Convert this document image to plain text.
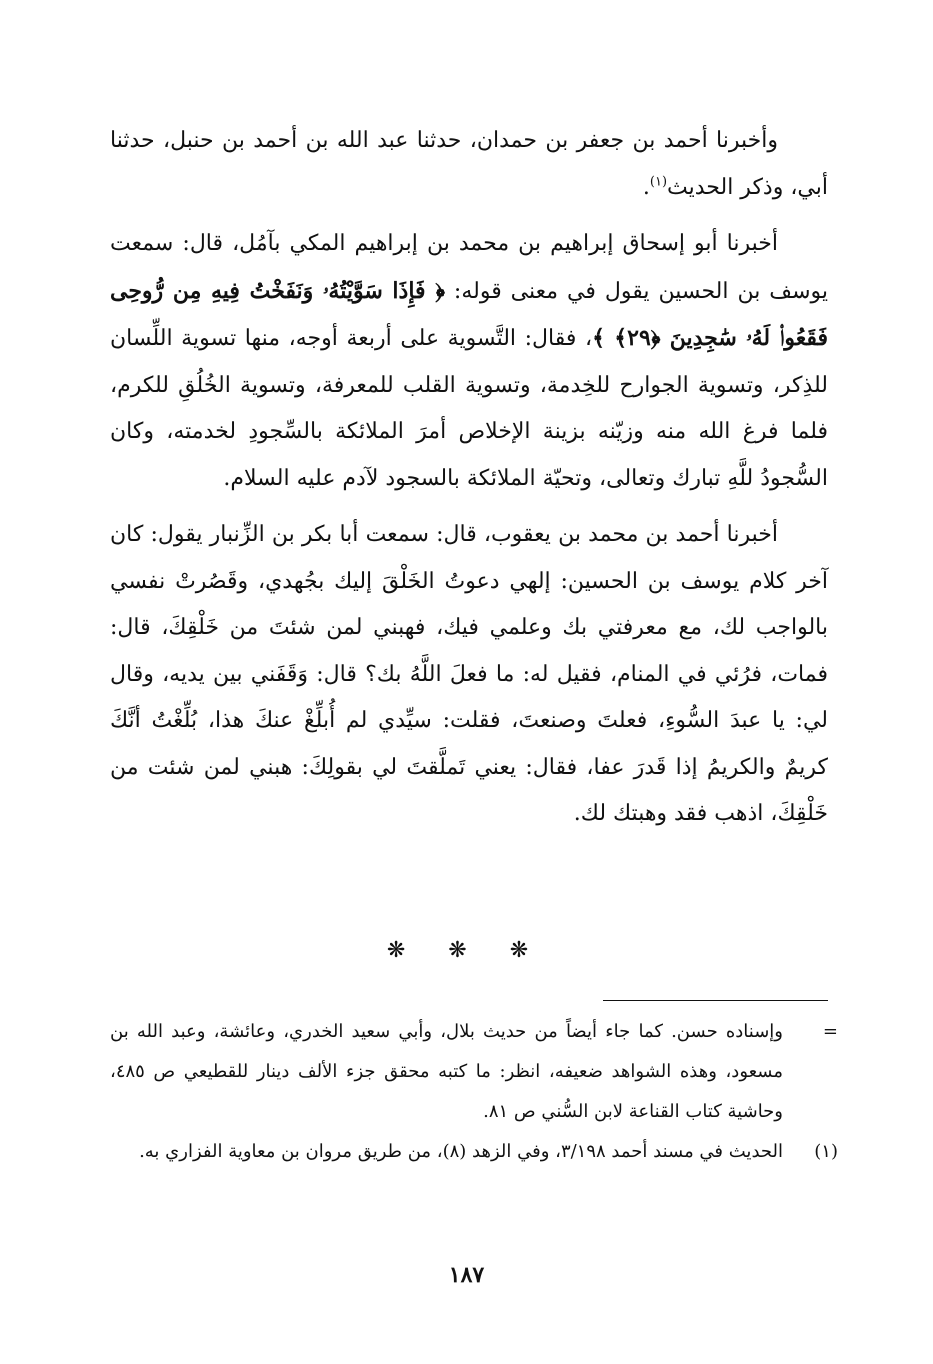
وأخبرنا أحمد بن جعفر بن حمدان، حدثنا عبد الله بن أحمد بن حنبل، حدثنا أبي، وذكر الحديث$^{(١)}$.

أخبرنا أبو إسحاق إبراهيم بن محمد بن إبراهيم المكي بآمُل، قال: سمعت يوسف بن الحسين يقول في معنى قوله: ﴿ فَإِذَا سَوَّيْتُهُۥ وَنَفَخْتُ فِيهِ مِن رُّوحِى فَقَعُوا۟ لَهُۥ سَٰجِدِينَ ﴿٢٩﴾ ﴾، فقال: التَّسوية على أربعة أوجه، منها تسوية اللِّسان للذِكر، وتسوية الجوارح للخِدمة، وتسوية القلب للمعرفة، وتسوية الخُلُقِ للكرم، فلما فرغ الله منه وزيّنه بزينة الإخلاص أمرَ الملائكة بالسِّجودِ لخدمته، وكان السُّجودُ للَّهِ تبارك وتعالى، وتحيّة الملائكة بالسجود لآدم عليه السلام.

أخبرنا أحمد بن محمد بن يعقوب، قال: سمعت أبا بكر بن الزِّنبار يقول: كان آخر كلام يوسف بن الحسين: إلهي دعوتُ الخَلْقَ إليك بجُهدي، وقَصُرتْ نفسي بالواجب لك، مع معرفتي بك وعلمي فيك، فهبني لمن شئتَ من خَلْقِكَ، قال: فمات، فرُئي في المنام، فقيل له: ما فعلَ اللَّهُ بك؟ قال: وَقَفَني بين يديه، وقال لي: يا عبدَ السُّوءِ، فعلتَ وصنعتَ، فقلت: سيِّدي لم أُبلِّغْ عنكَ هذا، بُلِّغْتُ أنَّكَ كريمٌ والكريمُ إذا قَدرَ عفا، فقال: يعني تَملَّقتَ لي بقولِكَ: هبني لمن شئت من خَلْقِكَ، اذهب فقد وهبتك لك.

❋ ❋ ❋
=
وإسناده حسن. كما جاء أيضاً من حديث بلال، وأبي سعيد الخدري، وعائشة، وعبد الله بن مسعود، وهذه الشواهد ضعيفه، انظر: ما كتبه محقق جزء الألف دينار للقطيعي ص ٤٨٥، وحاشية كتاب القناعة لابن السُّني ص ٨١.
(١)
الحديث في مسند أحمد ٣/١٩٨، وفي الزهد (٨)، من طريق مروان بن معاوية الفزاري به.
١٨٧
